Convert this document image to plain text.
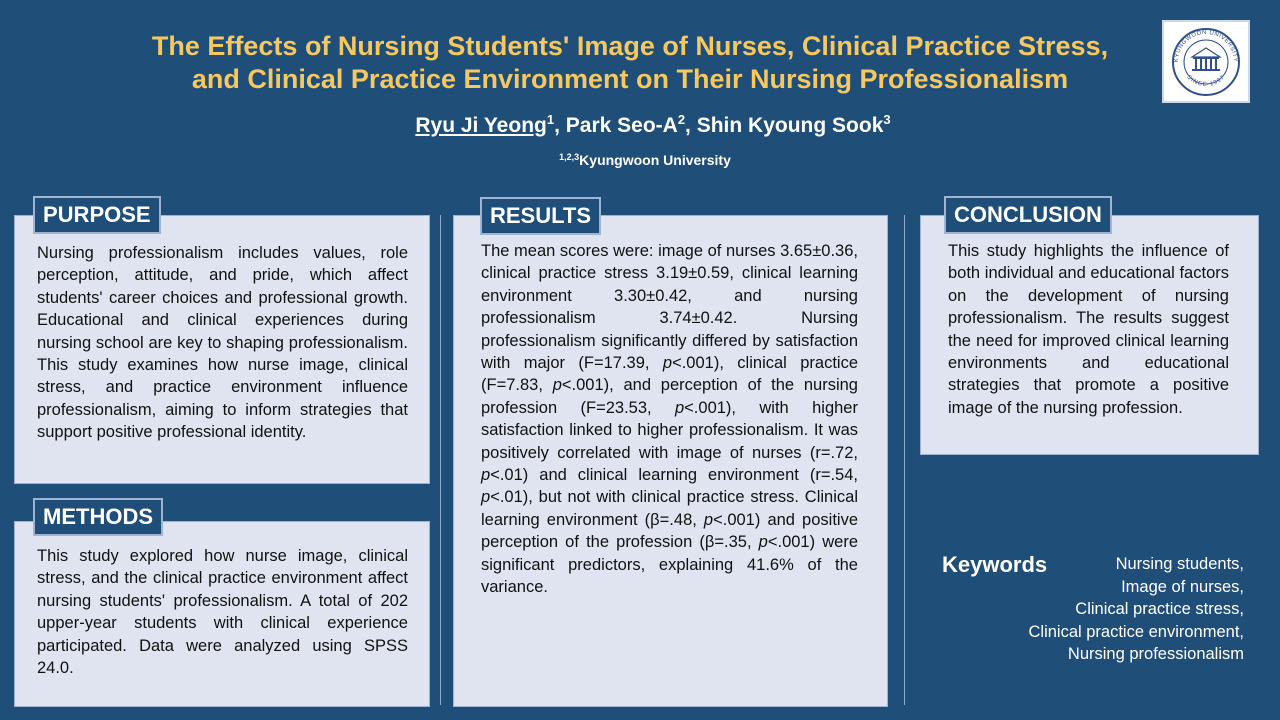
The Effects of Nursing Students' Image of Nurses, Clinical Practice Stress,
and Clinical Practice Environment on Their Nursing Professionalism
Ryu Ji Yeong$^1$, Park Seo-$A^2$, Shin Kyoung Sook$^3$
$^{1,2,3}$Kyungwoon University
KYUNGWOON UNIVERSITY
SINCE 1997
Nursing professionalism includes values, role perception, attitude, and pride, which affect students' career choices and professional growth. Educational and clinical experiences during nursing school are key to shaping professionalism. This study examines how nurse image, clinical stress, and practice environment influence professionalism, aiming to inform strategies that support positive professional identity.
PURPOSE
This study explored how nurse image, clinical stress, and the clinical practice environment affect nursing students' professionalism. A total of 202 upper-year students with clinical experience participated. Data were analyzed using SPSS 24.0.
METHODS
The mean scores were: image of nurses 3.65±0.36, clinical practice stress 3.19±0.59, clinical learning environment 3.30±0.42, and nursing professionalism 3.74±0.42. Nursing professionalism significantly differed by satisfaction with major (F=17.39, p<.001), clinical practice (F=7.83, p<.001), and perception of the nursing profession (F=23.53, p<.001), with higher satisfaction linked to higher professionalism. It was positively correlated with image of nurses (r=.72, p<.01) and clinical learning environment (r=.54, p<.01), but not with clinical practice stress. Clinical learning environment (β=.48, p<.001) and positive perception of the profession (β=.35, p<.001) were significant predictors, explaining 41.6% of the variance.
RESULTS
This study highlights the influence of both individual and educational factors on the development of nursing professionalism. The results suggest the need for improved clinical learning environments and educational strategies that promote a positive image of the nursing profession.
CONCLUSION
Keywords	Nursing students,
Image of nurses,
Clinical practice stress,
Clinical practice environment,
Nursing professionalism
